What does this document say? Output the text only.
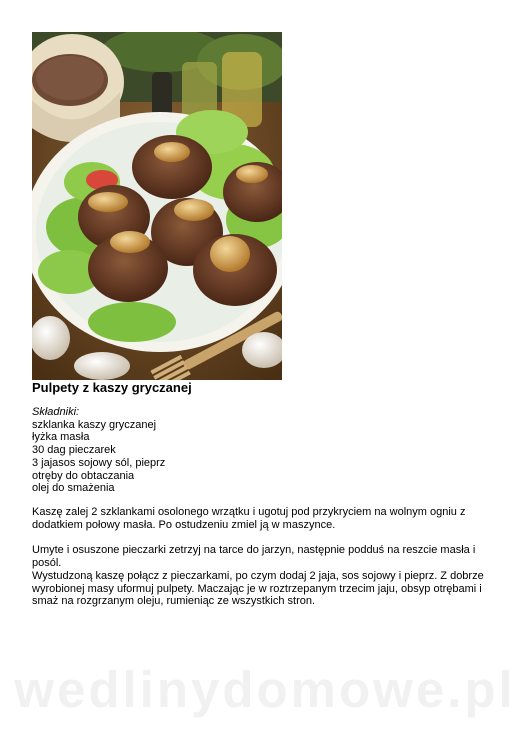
Pulpety z kaszy gryczanej
Składniki:
szklanka kaszy gryczanej
łyżka masła
30 dag pieczarek
3 jajasos sojowy sól, pieprz
otręby do obtaczania
olej do smażenia

Kaszę zalej 2 szklankami osolonego wrzątku i ugotuj pod przykryciem na wolnym ogniu z dodatkiem połowy masła. Po ostudzeniu zmiel ją w maszynce.

Umyte i osuszone pieczarki zetrzyj na tarce do jarzyn, następnie podduś na reszcie masła i posól.

Wystudzoną kaszę połącz z pieczarkami, po czym dodaj 2 jaja, sos sojowy i pieprz. Z dobrze wyrobionej masy uformuj pulpety. Maczając je w roztrzepanym trzecim jaju, obsyp otrębami i smaż na rozgrzanym oleju, rumieniąc ze wszystkich stron.

wedlinydomowe.pl
